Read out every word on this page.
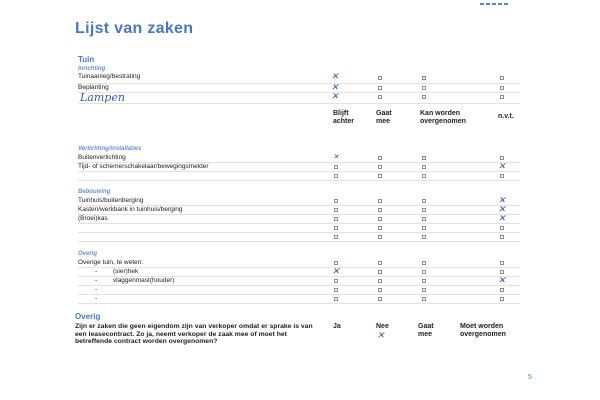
Lijst van zaken
Tuin
Inrichting
Tuinaanleg/bestrating
Beplanting
Lampen
✕
✕
✕
Blijft
achter
Gaat
mee
Kan worden
overgenomen
n.v.t.
Verlichting/installaties
Buitenverlichting
Tijd- of schemerschakelaar/bewegingsmelder
✕
✕
Bebouwing
Tuinhuis/buitenberging
Kasten/werkbank in tuinhuis/berging
(Broei)kas
✕
✕
✕
Overig
Overige tuin, te weten:
- (sier)hek
- vlaggenmast(houder)
-
-
✕
✕
Overig
Zijn er zaken die geen eigendom zijn van verkoper omdat er sprake is van een leasecontract. Zo ja, neemt verkoper de zaak mee of moet het betreffende contract worden overgenomen?
Ja	Nee
✕
Gaat
mee
Moet worden
overgenomen
5
